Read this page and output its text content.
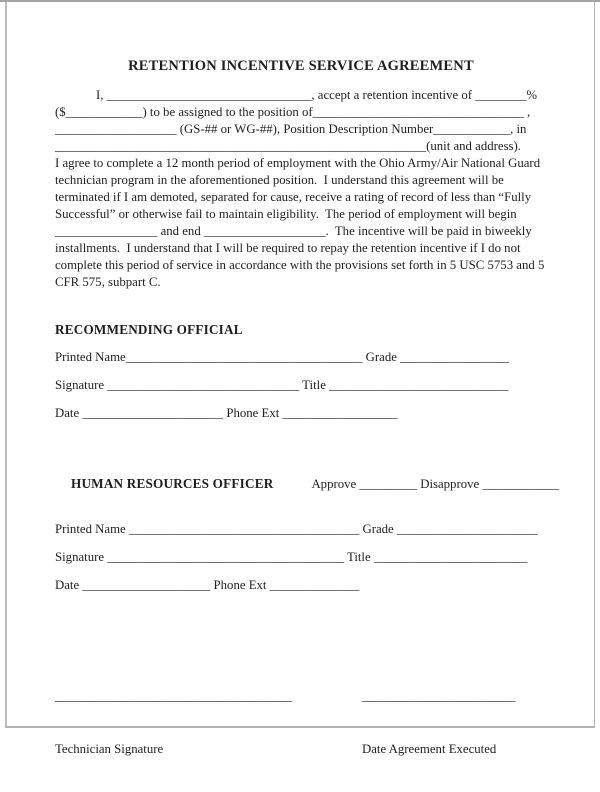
RETENTION INCENTIVE SERVICE AGREEMENT
I, ________________________________, accept a retention incentive of ________%
($____________) to be assigned to the position of_________________________________ ,
___________________ (GS-## or WG-##), Position Description Number____________, in
__________________________________________________________(unit and address).
I agree to complete a 12 month period of employment with the Ohio Army/Air National Guard
technician program in the aforementioned position.  I understand this agreement will be
terminated if I am demoted, separated for cause, receive a rating of record of less than “Fully
Successful” or otherwise fail to maintain eligibility.  The period of employment will begin
________________ and end ___________________.  The incentive will be paid in biweekly
installments.  I understand that I will be required to repay the retention incentive if I do not
complete this period of service in accordance with the provisions set forth in 5 USC 5753 and 5
CFR 575, subpart C.
RECOMMENDING OFFICIAL
Printed Name_____________________________________ Grade _________________
Signature ______________________________ Title ____________________________
Date ______________________ Phone Ext __________________

HUMAN RESOURCES OFFICER	Approve _________ Disapprove ____________

Printed Name ____________________________________ Grade ______________________
Signature _____________________________________ Title ________________________
Date ____________________ Phone Ext ______________

_____________________________________

Technician Signature

________________________

Date Agreement Executed
